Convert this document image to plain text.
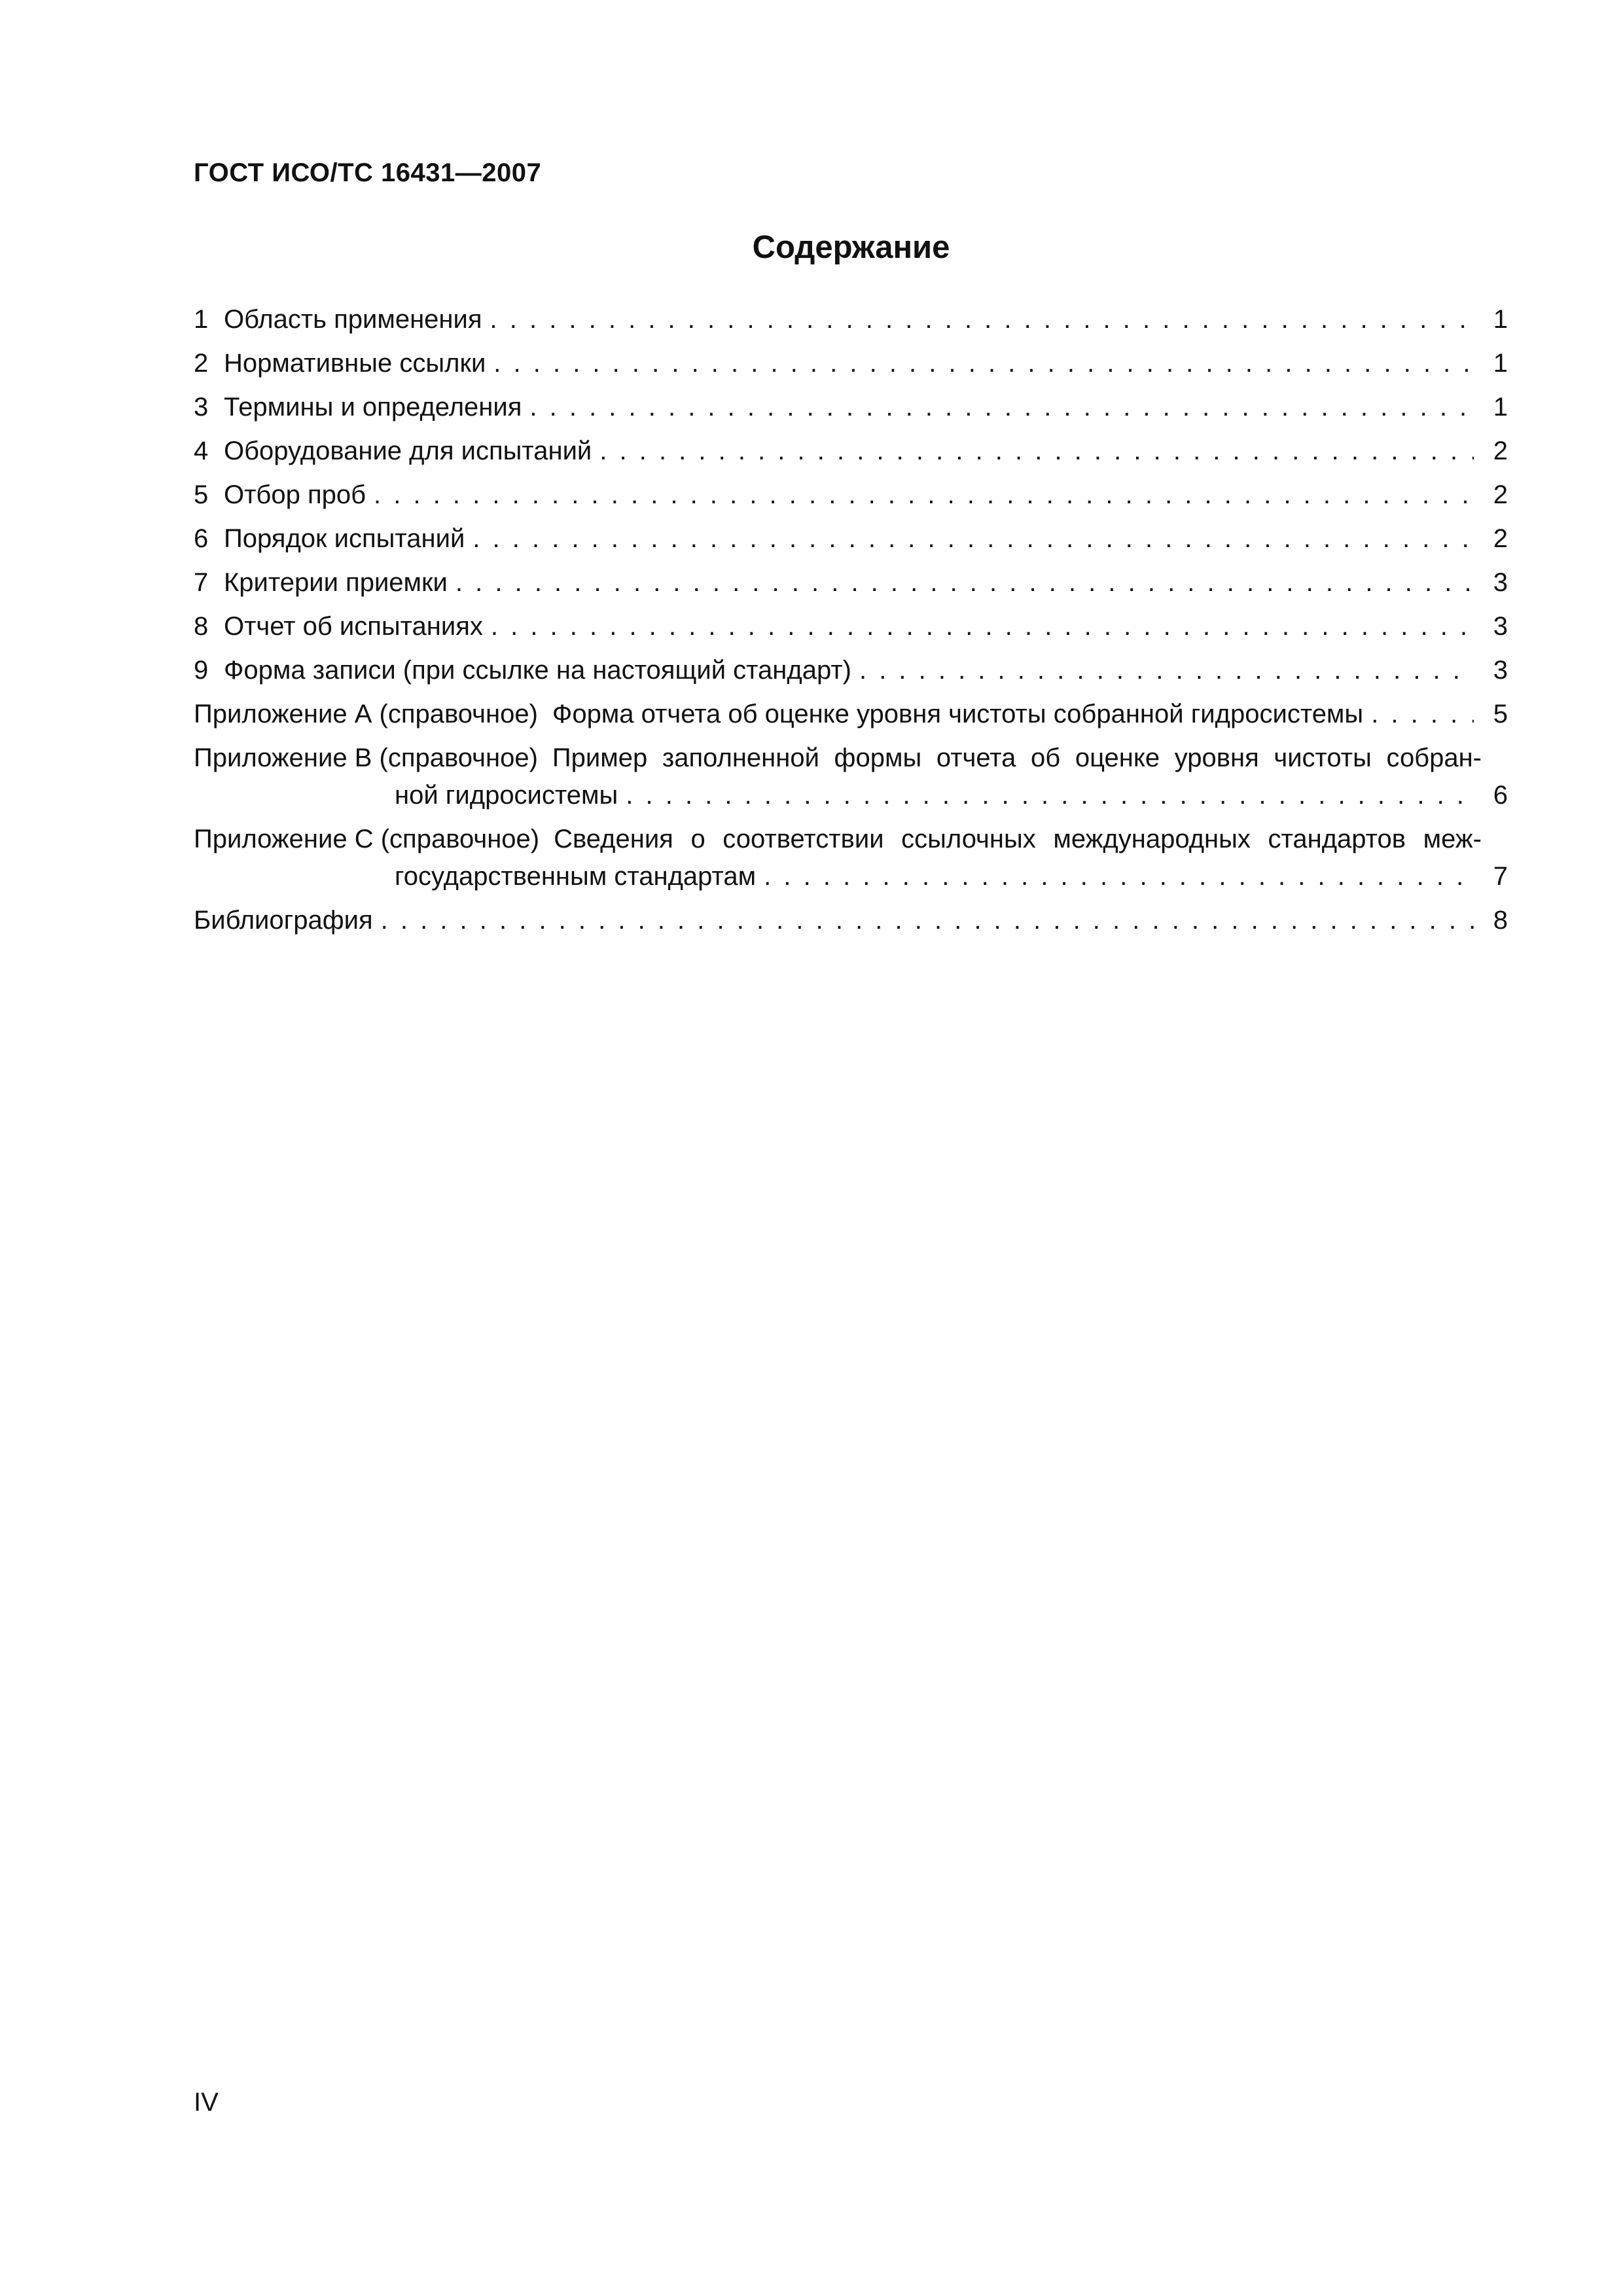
ГОСТ ИСО/ТС 16431—2007
Содержание
1 Область применения . . .	1
2 Нормативные ссылки . . .	1
3 Термины и определения . . .	1
4 Оборудование для испытаний . . .	2
5 Отбор проб . . .	2
6 Порядок испытаний . . .	2
7 Критерии приемки . . .	3
8 Отчет об испытаниях . . .	3
9 Форма записи (при ссылке на настоящий стандарт) . . .	3
Приложение А (справочное) Форма отчета об оценке уровня чистоты собранной гидросистемы . . .	5
Приложение В (справочное) Пример заполненной формы отчета об оценке уровня чистоты собран-
ной гидросистемы . . .	6
Приложение С (справочное) Сведения о соответствии ссылочных международных стандартов меж-
государственным стандартам . . .	7
Библиография . . .	8
IV
